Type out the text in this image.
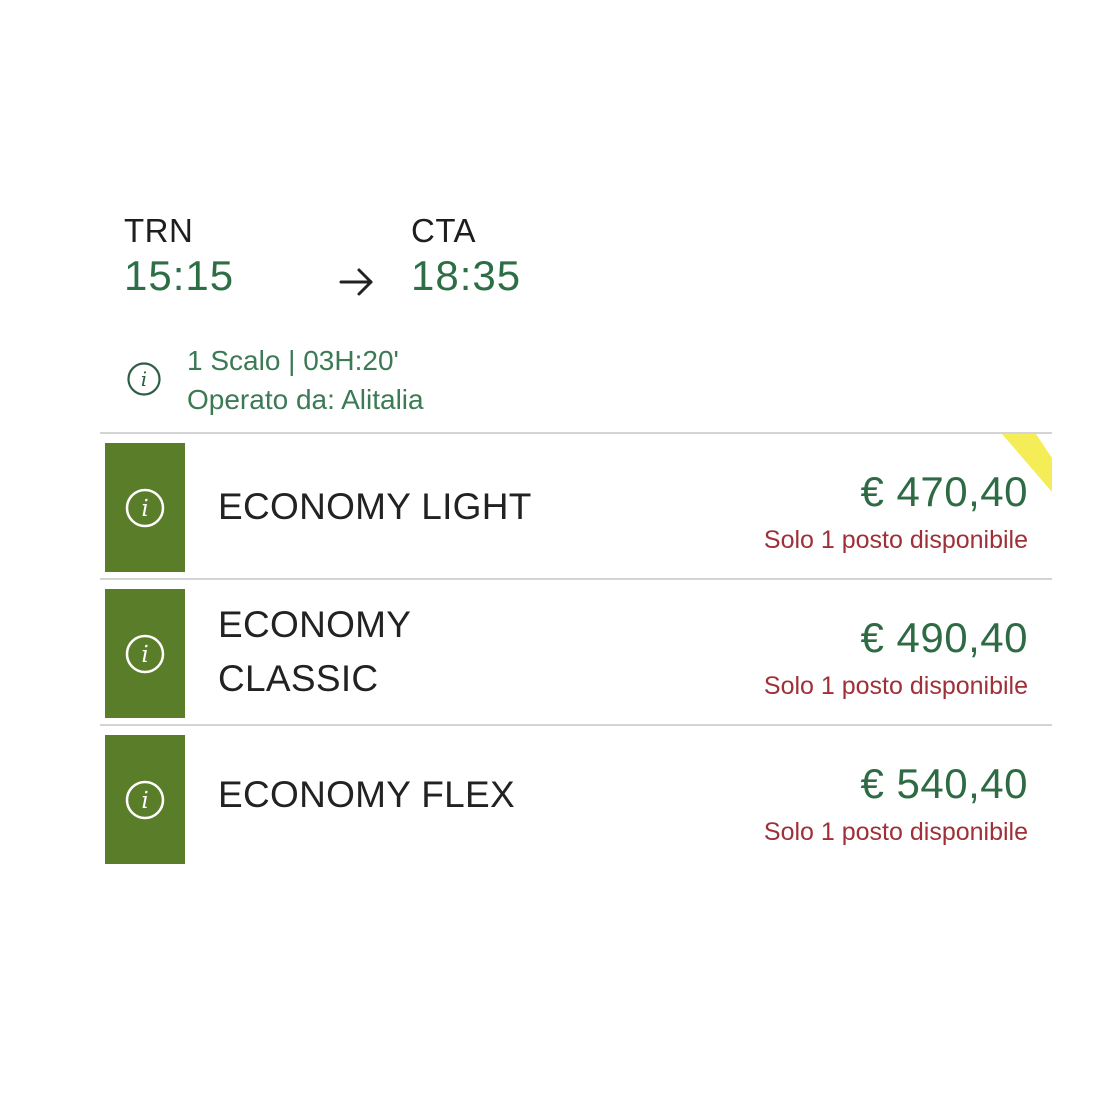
TRN
15:15
CTA
18:35
i
1 Scalo | 03H:20'
Operato da: Alitalia
i ECONOMY LIGHT	€ 470,40
Solo 1 posto disponibile
i
ECONOMY
CLASSIC
€ 490,40
Solo 1 posto disponibile
i ECONOMY FLEX	€ 540,40
Solo 1 posto disponibile
